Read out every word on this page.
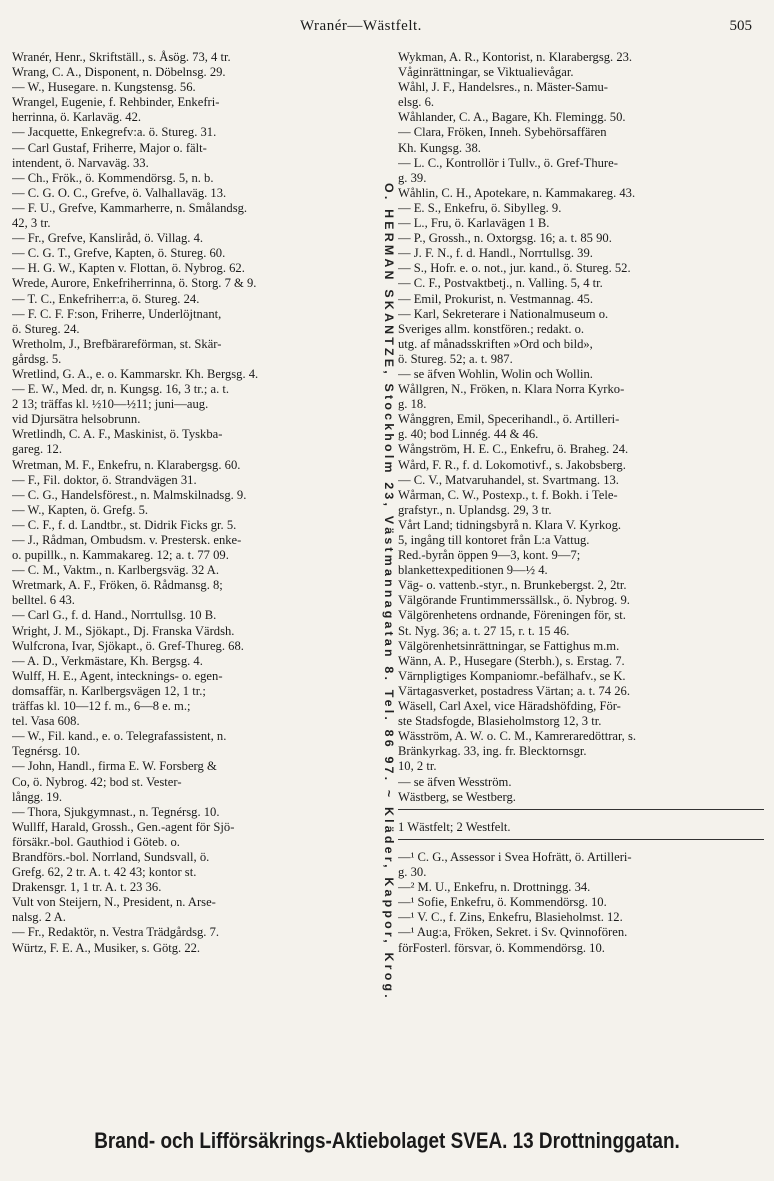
Wranér—Wästfelt.	505
Wranér, Henr., Skriftställ., s. Åsög. 73, 4 tr.
Wrang, C. A., Disponent, n. Döbelnsg. 29.
— W., Husegare. n. Kungstensg. 56.
Wrangel, Eugenie, f. Rehbinder, Enkefri-
herrinna, ö. Karlaväg. 42.
— Jacquette, Enkegrefv:a. ö. Stureg. 31.
— Carl Gustaf, Friherre, Major o. fält-
intendent, ö. Narvaväg. 33.
— Ch., Frök., ö. Kommendörsg. 5, n. b.
— C. G. O. C., Grefve, ö. Valhallaväg. 13.
— F. U., Grefve, Kammarherre, n. Smålandsg.
42, 3 tr.
— Fr., Grefve, Kansliråd, ö. Villag. 4.
— C. G. T., Grefve, Kapten, ö. Stureg. 60.
— H. G. W., Kapten v. Flottan, ö. Nybrog. 62.
Wrede, Aurore, Enkefriherrinna, ö. Storg. 7 & 9.
— T. C., Enkefriherr:a, ö. Stureg. 24.
— F. C. F. F:son, Friherre, Underlöjtnant,
ö. Stureg. 24.
Wretholm, J., Brefbärareförman, st. Skär-
gårdsg. 5.
Wretlind, G. A., e. o. Kammarskr. Kh. Bergsg. 4.
— E. W., Med. dr, n. Kungsg. 16, 3 tr.; a. t.
2 13; träffas kl. ½10—½11; juni—aug.
vid Djursätra helsobrunn.
Wretlindh, C. A. F., Maskinist, ö. Tyskba-
gareg. 12.
Wretman, M. F., Enkefru, n. Klarabergsg. 60.
— F., Fil. doktor, ö. Strandvägen 31.
— C. G., Handelsförest., n. Malmskilnadsg. 9.
— W., Kapten, ö. Grefg. 5.
— C. F., f. d. Landtbr., st. Didrik Ficks gr. 5.
— J., Rådman, Ombudsm. v. Prestersk. enke-
o. pupillk., n. Kammakareg. 12; a. t. 77 09.
— C. M., Vaktm., n. Karlbergsväg. 32 A.
Wretmark, A. F., Fröken, ö. Rådmansg. 8;
belltel. 6 43.
— Carl G., f. d. Hand., Norrtullsg. 10 B.
Wright, J. M., Sjökapt., Dj. Franska Värdsh.
Wulfcrona, Ivar, Sjökapt., ö. Gref-Thureg. 68.
— A. D., Verkmästare, Kh. Bergsg. 4.
Wulff, H. E., Agent, intecknings- o. egen-
domsaffär, n. Karlbergsvägen 12, 1 tr.;
träffas kl. 10—12 f. m., 6—8 e. m.;
tel. Vasa 608.
— W., Fil. kand., e. o. Telegrafassistent, n.
Tegnérsg. 10.
— John, Handl., firma E. W. Forsberg &
Co, ö. Nybrog. 42; bod st. Vester-
långg. 19.
— Thora, Sjukgymnast., n. Tegnérsg. 10.
Wullff, Harald, Grossh., Gen.-agent för Sjö-
försäkr.-bol. Gauthiod i Göteb. o.
Brandförs.-bol. Norrland, Sundsvall, ö.
Grefg. 62, 2 tr. A. t. 42 43; kontor st.
Drakensgr. 1, 1 tr. A. t. 23 36.
Vult von Steijern, N., President, n. Arse-
nalsg. 2 A.
— Fr., Redaktör, n. Vestra Trädgårdsg. 7.
Würtz, F. E. A., Musiker, s. Götg. 22.	O. HERMAN SKANTZE, Stockholm 23, Västmannagatan 8. Tel. 86 97. ~ Kläder, Kappor, Krog.
Wykman, A. R., Kontorist, n. Klarabergsg. 23.
Våginrättningar, se Viktualievågar.
Wåhl, J. F., Handelsres., n. Mäster-Samu-
elsg. 6.
Wåhlander, C. A., Bagare, Kh. Flemingg. 50.
— Clara, Fröken, Inneh. Sybehörsaffären
Kh. Kungsg. 38.
— L. C., Kontrollör i Tullv., ö. Gref-Thure-
g. 39.
Wåhlin, C. H., Apotekare, n. Kammakareg. 43.
— E. S., Enkefru, ö. Sibylleg. 9.
— L., Fru, ö. Karlavägen 1 B.
— P., Grossh., n. Oxtorgsg. 16; a. t. 85 90.
— J. F. N., f. d. Handl., Norrtullsg. 39.
— S., Hofr. e. o. not., jur. kand., ö. Stureg. 52.
— C. F., Postvaktbetj., n. Valling. 5, 4 tr.
— Emil, Prokurist, n. Vestmannag. 45.
— Karl, Sekreterare i Nationalmuseum o.
Sveriges allm. konstfören.; redakt. o.
utg. af månadsskriften »Ord och bild»,
ö. Stureg. 52; a. t. 987.
— se äfven Wohlin, Wolin och Wollin.
Wållgren, N., Fröken, n. Klara Norra Kyrko-
g. 18.
Wånggren, Emil, Specerihandl., ö. Artilleri-
g. 40; bod Linnég. 44 & 46.
Wångström, H. E. C., Enkefru, ö. Braheg. 24.
Wård, F. R., f. d. Lokomotivf., s. Jakobsberg.
— C. V., Matvaruhandel, st. Svartmang. 13.
Wårman, C. W., Postexp., t. f. Bokh. i Tele-
grafstyr., n. Uplandsg. 29, 3 tr.
Vårt Land; tidningsbyrå n. Klara V. Kyrkog.
5, ingång till kontoret från L:a Vattug.
Red.-byrån öppen 9—3, kont. 9—7;
blankettexpeditionen 9—½ 4.
Väg- o. vattenb.-styr., n. Brunkebergst. 2, 2tr.
Välgörande Fruntimmerssällsk., ö. Nybrog. 9.
Välgörenhetens ordnande, Föreningen för, st.
St. Nyg. 36; a. t. 27 15, r. t. 15 46.
Välgörenhetsinrättningar, se Fattighus m.m.
Wänn, A. P., Husegare (Sterbh.), s. Erstag. 7.
Värnpligtiges Kompaniomr.-befälhafv., se K.
Värtagasverket, postadress Värtan; a. t. 74 26.
Wäsell, Carl Axel, vice Häradshöfding, För-
ste Stadsfogde, Blasieholmstorg 12, 3 tr.
Wäsström, A. W. o. C. M., Kamreraredöttrar, s.
Bränkyrkag. 33, ing. fr. Blecktornsgr.
10, 2 tr.
— se äfven Wesström.
Wästberg, se Westberg.

1 Wästfelt; 2 Westfelt.

—¹ C. G., Assessor i Svea Hofrätt, ö. Artilleri-
g. 30.
—² M. U., Enkefru, n. Drottningg. 34.
—¹ Sofie, Enkefru, ö. Kommendörsg. 10.
—¹ V. C., f. Zins, Enkefru, Blasieholmst. 12.
—¹ Aug:a, Fröken, Sekret. i Sv. Qvinnofören.
förFosterl. försvar, ö. Kommendörsg. 10.
Brand- och Lifförsäkrings-Aktiebolaget SVEA. 13 Drottninggatan.
